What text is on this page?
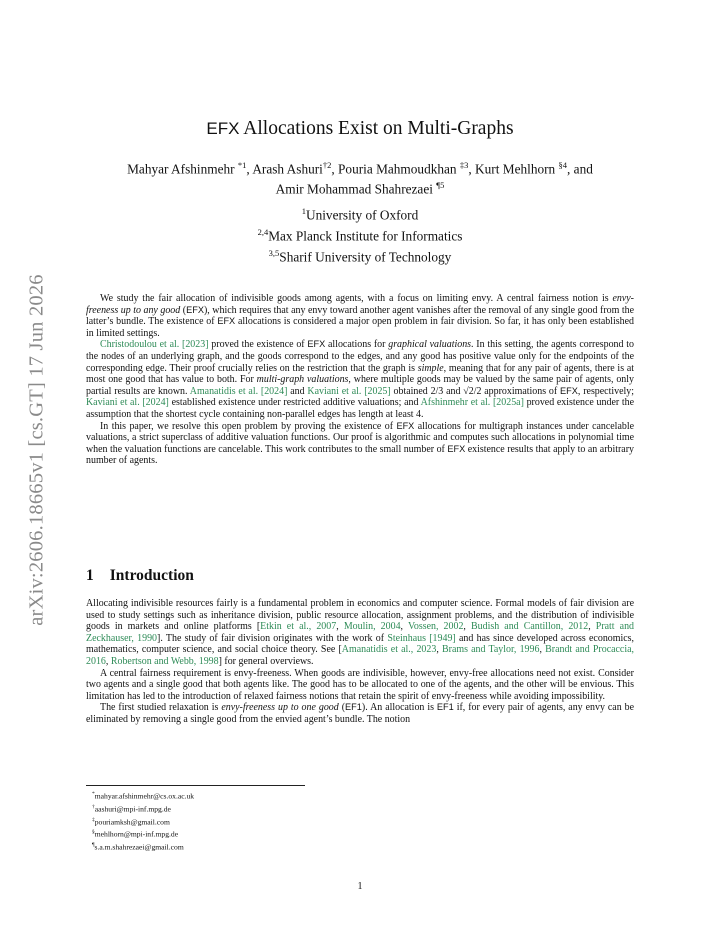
arXiv:2606.18665v1 [cs.GT] 17 Jun 2026
EFX Allocations Exist on Multi-Graphs
Mahyar Afshinmehr $^{*1}$, Arash Ashuri$^{\dagger 2}$, Pouria Mahmoudkhan $^{\ddagger 3}$, Kurt Mehlhorn $^{\S 4}$, and
Amir Mohammad Shahrezaei $^{\P 5}$
$^1$University of Oxford
$^{2,4}$Max Planck Institute for Informatics
$^{3,5}$Sharif University of Technology

We study the fair allocation of indivisible goods among agents, with a focus on limiting envy. A central fairness notion is envy-freeness up to any good (EFX), which requires that any envy toward another agent vanishes after the removal of any single good from the latter’s bundle. The existence of EFX allocations is considered a major open problem in fair division. So far, it has only been established in limited settings.

Christodoulou et al. [2023] proved the existence of EFX allocations for graphical valuations. In this setting, the agents correspond to the nodes of an underlying graph, and the goods correspond to the edges, and any good has positive value only for the endpoints of the corresponding edge. Their proof crucially relies on the restriction that the graph is simple, meaning that for any pair of agents, there is at most one good that has value to both. For multi-graph valuations, where multiple goods may be valued by the same pair of agents, only partial results are known. Amanatidis et al. [2024] and Kaviani et al. [2025] obtained 2/3 and √2/2 approximations of EFX, respectively; Kaviani et al. [2024] established existence under restricted additive valuations; and Afshinmehr et al. [2025a] proved existence under the assumption that the shortest cycle containing non-parallel edges has length at least 4.

In this paper, we resolve this open problem by proving the existence of EFX allocations for multigraph instances under cancelable valuations, a strict superclass of additive valuation functions. Our proof is algorithmic and computes such allocations in polynomial time when the valuation functions are cancelable. This work contributes to the small number of EFX existence results that apply to an arbitrary number of agents.

1 Introduction

Allocating indivisible resources fairly is a fundamental problem in economics and computer science. Formal models of fair division are used to study settings such as inheritance division, public resource allocation, assignment problems, and the distribution of indivisible goods in markets and online platforms [Etkin et al., 2007, Moulin, 2004, Vossen, 2002, Budish and Cantillon, 2012, Pratt and Zeckhauser, 1990]. The study of fair division originates with the work of Steinhaus [1949] and has since developed across economics, mathematics, computer science, and social choice theory. See [Amanatidis et al., 2023, Brams and Taylor, 1996, Brandt and Procaccia, 2016, Robertson and Webb, 1998] for general overviews.

A central fairness requirement is envy-freeness. When goods are indivisible, however, envy-free allocations need not exist. Consider two agents and a single good that both agents like. The good has to be allocated to one of the agents, and the other will be envious. This limitation has led to the introduction of relaxed fairness notions that retain the spirit of envy-freeness while avoiding impossibility.

The first studied relaxation is envy-freeness up to one good (EF1). An allocation is EF1 if, for every pair of agents, any envy can be eliminated by removing a single good from the envied agent’s bundle. The notion

*mahyar.afshinmehr@cs.ox.ac.uk
†aashuri@mpi-inf.mpg.de
‡pouriamksh@gmail.com
§mehlhorn@mpi-inf.mpg.de
¶s.a.m.shahrezaei@gmail.com
1
